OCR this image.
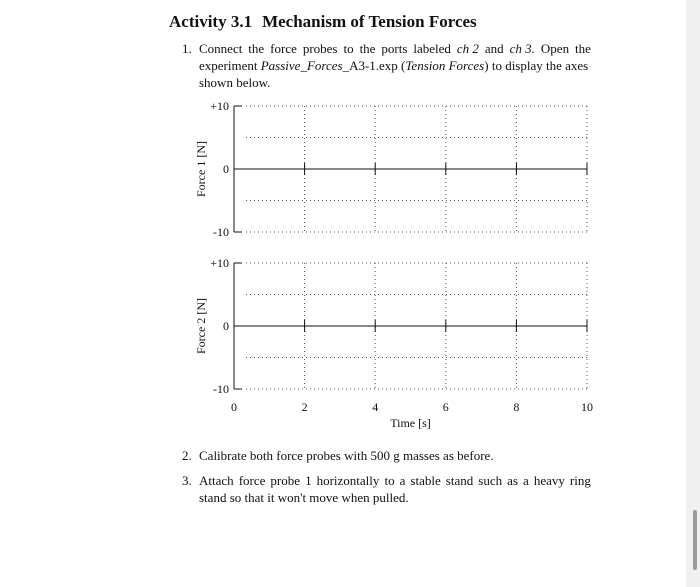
Activity 3.1 Mechanism of Tension Forces
1. Connect the force probes to the ports labeled ch 2 and ch 3. Open the
experiment Passive_Forces_A3-1.exp (Tension Forces) to display the axes
shown below.
+10
0
-10
Force 1 [N]
+10
0
-10
Force 2 [N]
0	2	4	6	8	10
Time [s]
2. Calibrate both force probes with 500 g masses as before.
3. Attach force probe 1 horizontally to a stable stand such as a heavy ring
stand so that it won't move when pulled.
